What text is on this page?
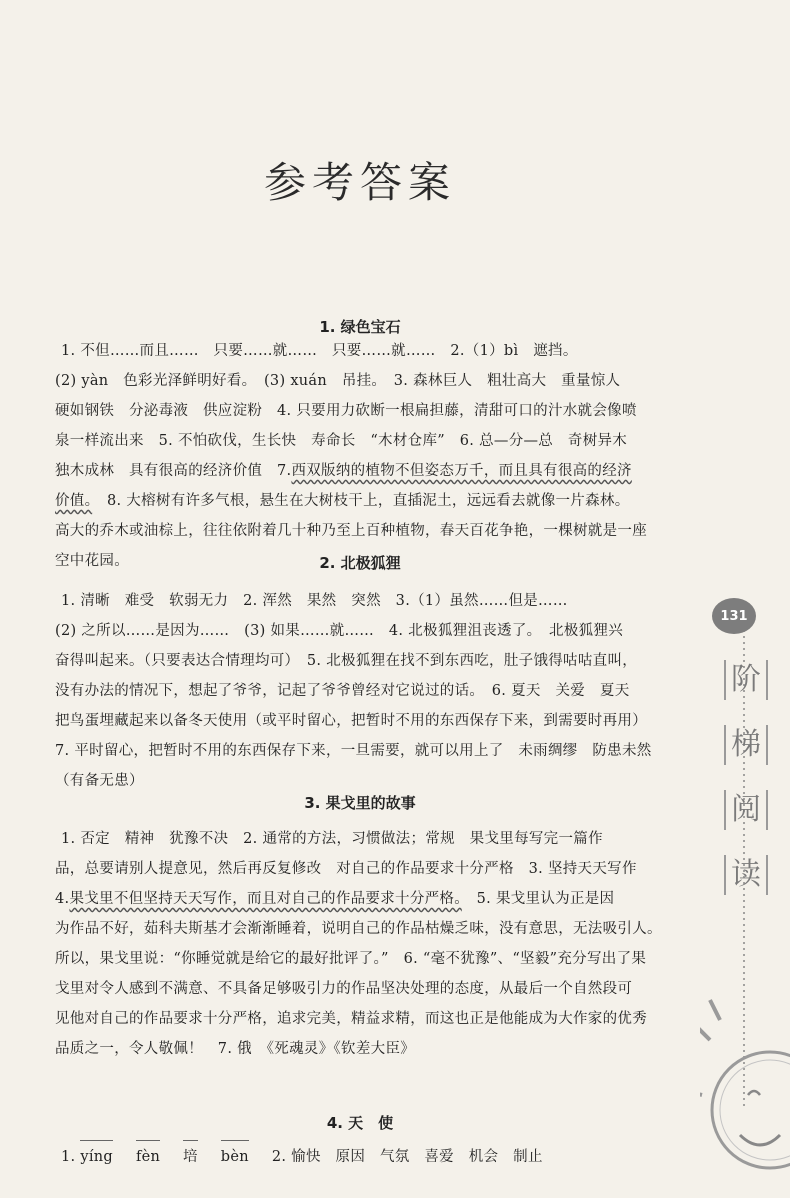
参考答案
1. 绿色宝石
1. 不但……而且……　只要……就……　只要……就……　2.（1）bì　遮挡。
(2) yàn　色彩光泽鲜明好看。　(3) xuán　吊挂。　3. 森林巨人　粗壮高大　重量惊人
硬如钢铁　分泌毒液　供应淀粉　4. 只要用力砍断一根扁担藤，清甜可口的汁水就会像喷
泉一样流出来　5. 不怕砍伐，生长快　寿命长　“木材仓库”　6. 总—分—总　奇树异木
独木成林　具有很高的经济价值　7.西双版纳的植物不但姿态万千，而且具有很高的经济
价值。　8. 大榕树有许多气根，悬生在大树枝干上，直插泥土，远远看去就像一片森林。
高大的乔木或油棕上，往往依附着几十种乃至上百种植物，春天百花争艳，一棵树就是一座
空中花园。	2. 北极狐狸
1. 清晰　难受　软弱无力　2. 浑然　果然　突然　3.（1）虽然……但是……
(2) 之所以……是因为……　(3) 如果……就……　4. 北极狐狸沮丧透了。　北极狐狸兴
奋得叫起来。（只要表达合情理均可）　5. 北极狐狸在找不到东西吃，肚子饿得咕咕直叫，
没有办法的情况下，想起了爷爷，记起了爷爷曾经对它说过的话。　6. 夏天　关爱　夏天
把鸟蛋埋藏起来以备冬天使用（或平时留心，把暂时不用的东西保存下来，到需要时再用）
7. 平时留心，把暂时不用的东西保存下来，一旦需要，就可以用上了　未雨绸缪　防患未然
（有备无患）
3. 果戈里的故事
1. 否定　精神　犹豫不决　2. 通常的方法，习惯做法；常规　果戈里每写完一篇作
品，总要请别人提意见，然后再反复修改　对自己的作品要求十分严格　3. 坚持天天写作
4.果戈里不但坚持天天写作，而且对自己的作品要求十分严格。　5. 果戈里认为正是因
为作品不好，茹科夫斯基才会渐渐睡着，说明自己的作品枯燥乏味，没有意思，无法吸引人。
所以，果戈里说：“你睡觉就是给它的最好批评了。”　6. “毫不犹豫”、“坚毅”充分写出了果
戈里对令人感到不满意、不具备足够吸引力的作品坚决处理的态度，从最后一个自然段可
见他对自己的作品要求十分严格，追求完美，精益求精，而这也正是他能成为大作家的优秀
品质之一，令人敬佩！　7. 俄　《死魂灵》《钦差大臣》
4. 天　使
1. yíng fèn 培 bèn 2. 愉快　原因　气氛　喜爱　机会　制止
131
阶
梯
阅
读
